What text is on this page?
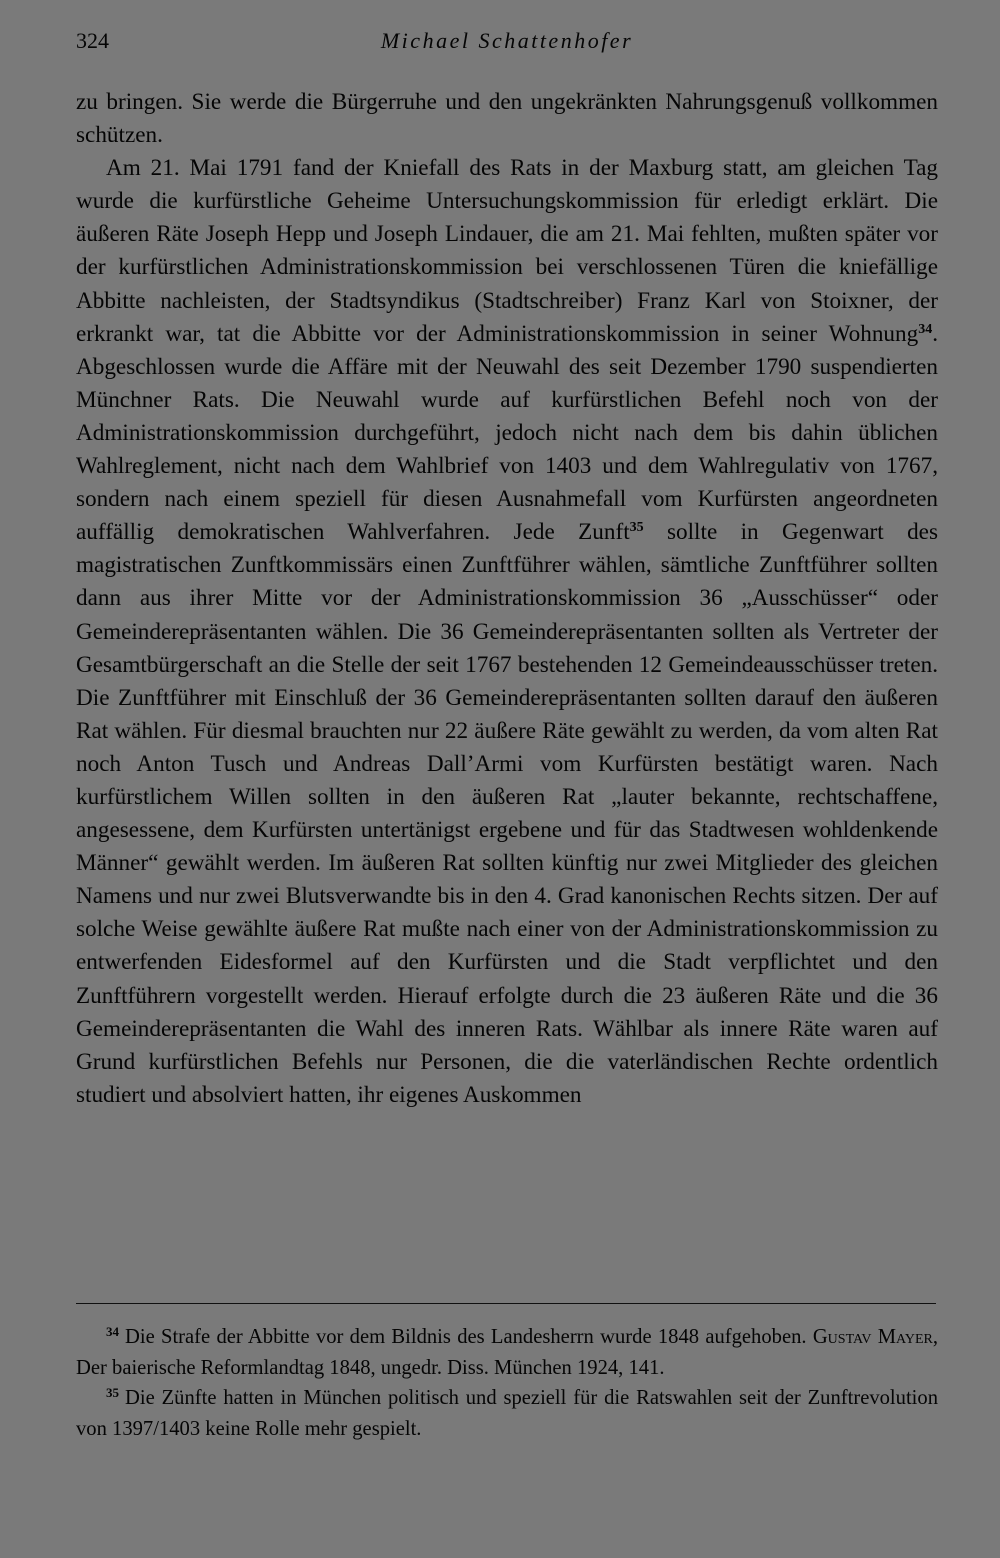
324	Michael Schattenhofer

zu bringen. Sie werde die Bürgerruhe und den ungekränkten Nahrungsgenuß vollkommen schützen.

Am 21. Mai 1791 fand der Kniefall des Rats in der Maxburg statt, am gleichen Tag wurde die kurfürstliche Geheime Untersuchungskommission für erledigt erklärt. Die äußeren Räte Joseph Hepp und Joseph Lindauer, die am 21. Mai fehlten, mußten später vor der kurfürstlichen Administrationskommission bei verschlossenen Türen die kniefällige Abbitte nachleisten, der Stadtsyndikus (Stadtschreiber) Franz Karl von Stoixner, der erkrankt war, tat die Abbitte vor der Administrationskommission in seiner Wohnung$^{34}$. Abgeschlossen wurde die Affäre mit der Neuwahl des seit Dezember 1790 suspendierten Münchner Rats. Die Neuwahl wurde auf kurfürstlichen Befehl noch von der Administrationskommission durchgeführt, jedoch nicht nach dem bis dahin üblichen Wahlreglement, nicht nach dem Wahlbrief von 1403 und dem Wahlregulativ von 1767, sondern nach einem speziell für diesen Ausnahmefall vom Kurfürsten angeordneten auffällig demokratischen Wahlverfahren. Jede Zunft$^{35}$ sollte in Gegenwart des magistratischen Zunftkommissärs einen Zunftführer wählen, sämtliche Zunftführer sollten dann aus ihrer Mitte vor der Administrationskommission 36 „Ausschüsser“ oder Gemeinderepräsentanten wählen. Die 36 Gemeinderepräsentanten sollten als Vertreter der Gesamtbürgerschaft an die Stelle der seit 1767 bestehenden 12 Gemeindeausschüsser treten. Die Zunftführer mit Einschluß der 36 Gemeinderepräsentanten sollten darauf den äußeren Rat wählen. Für diesmal brauchten nur 22 äußere Räte gewählt zu werden, da vom alten Rat noch Anton Tusch und Andreas Dall’Armi vom Kurfürsten bestätigt waren. Nach kurfürstlichem Willen sollten in den äußeren Rat „lauter bekannte, rechtschaffene, angesessene, dem Kurfürsten untertänigst ergebene und für das Stadtwesen wohldenkende Männer“ gewählt werden. Im äußeren Rat sollten künftig nur zwei Mitglieder des gleichen Namens und nur zwei Blutsverwandte bis in den 4. Grad kanonischen Rechts sitzen. Der auf solche Weise gewählte äußere Rat mußte nach einer von der Administrationskommission zu entwerfenden Eidesformel auf den Kurfürsten und die Stadt verpflichtet und den Zunftführern vorgestellt werden. Hierauf erfolgte durch die 23 äußeren Räte und die 36 Gemeinderepräsentanten die Wahl des inneren Rats. Wählbar als innere Räte waren auf Grund kurfürstlichen Befehls nur Personen, die die vaterländischen Rechte ordentlich studiert und absolviert hatten, ihr eigenes Auskommen

$^{34}$ Die Strafe der Abbitte vor dem Bildnis des Landesherrn wurde 1848 aufgehoben. Gustav Mayer, Der baierische Reformlandtag 1848, ungedr. Diss. München 1924, 141.

$^{35}$ Die Zünfte hatten in München politisch und speziell für die Ratswahlen seit der Zunftrevolution von 1397/1403 keine Rolle mehr gespielt.
